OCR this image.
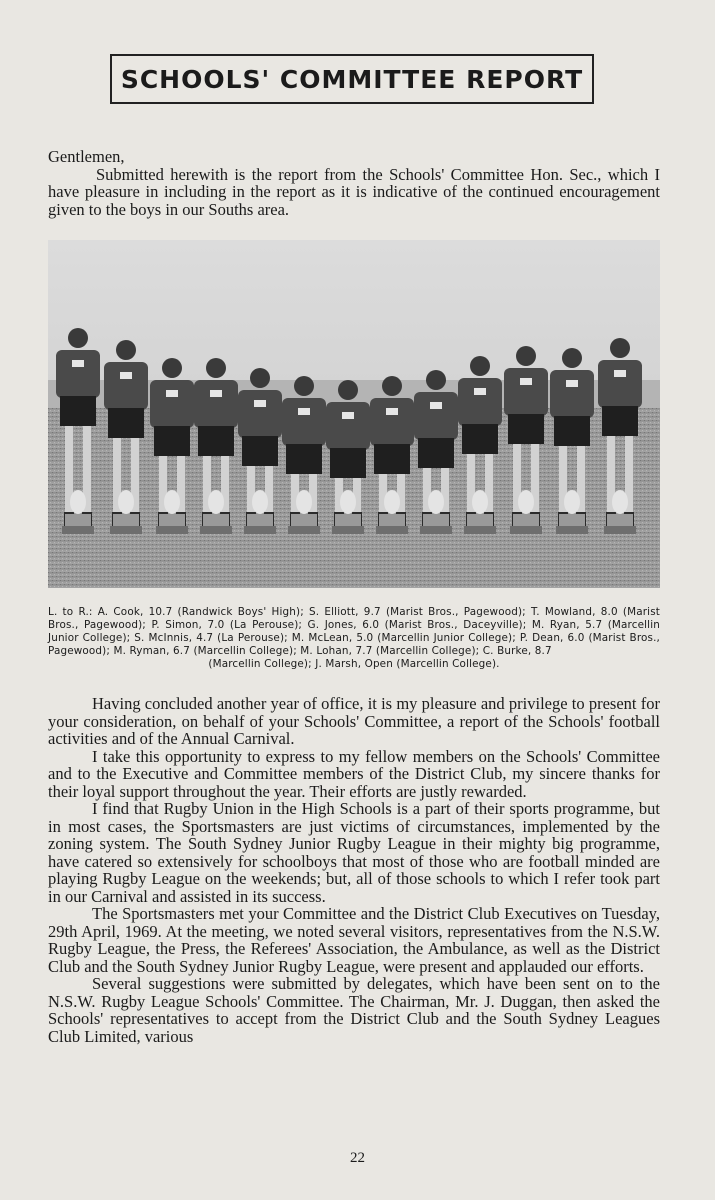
SCHOOLS' COMMITTEE REPORT

Gentlemen,

Submitted herewith is the report from the Schools' Committee Hon. Sec., which I have pleasure in including in the report as it is indicative of the continued encouragement given to the boys in our Souths area.

L. to R.: A. Cook, 10.7 (Randwick Boys' High); S. Elliott, 9.7 (Marist Bros., Pagewood); T. Mowland, 8.0 (Marist Bros., Pagewood); P. Simon, 7.0 (La Perouse); G. Jones, 6.0 (Marist Bros., Daceyville); M. Ryan, 5.7 (Marcellin Junior College); S. McInnis, 4.7 (La Perouse); M. McLean, 5.0 (Marcellin Junior College); P. Dean, 6.0 (Marist Bros., Pagewood); M. Ryman, 6.7 (Marcellin College); M. Lohan, 7.7 (Marcellin College); C. Burke, 8.7
(Marcellin College); J. Marsh, Open (Marcellin College).

Having concluded another year of office, it is my pleasure and privilege to present for your consideration, on behalf of your Schools' Committee, a report of the Schools' football activities and of the Annual Carnival.

I take this opportunity to express to my fellow members on the Schools' Committee and to the Executive and Committee members of the District Club, my sincere thanks for their loyal support throughout the year. Their efforts are justly rewarded.

I find that Rugby Union in the High Schools is a part of their sports programme, but in most cases, the Sportsmasters are just victims of circumstances, implemented by the zoning system. The South Sydney Junior Rugby League in their mighty big programme, have catered so extensively for schoolboys that most of those who are football minded are playing Rugby League on the weekends; but, all of those schools to which I refer took part in our Carnival and assisted in its success.

The Sportsmasters met your Committee and the District Club Executives on Tuesday, 29th April, 1969. At the meeting, we noted several visitors, representatives from the N.S.W. Rugby League, the Press, the Referees' Association, the Ambulance, as well as the District Club and the South Sydney Junior Rugby League, were present and applauded our efforts.

Several suggestions were submitted by delegates, which have been sent on to the N.S.W. Rugby League Schools' Committee. The Chairman, Mr. J. Duggan, then asked the Schools' representatives to accept from the District Club and the South Sydney Leagues Club Limited, various

22
